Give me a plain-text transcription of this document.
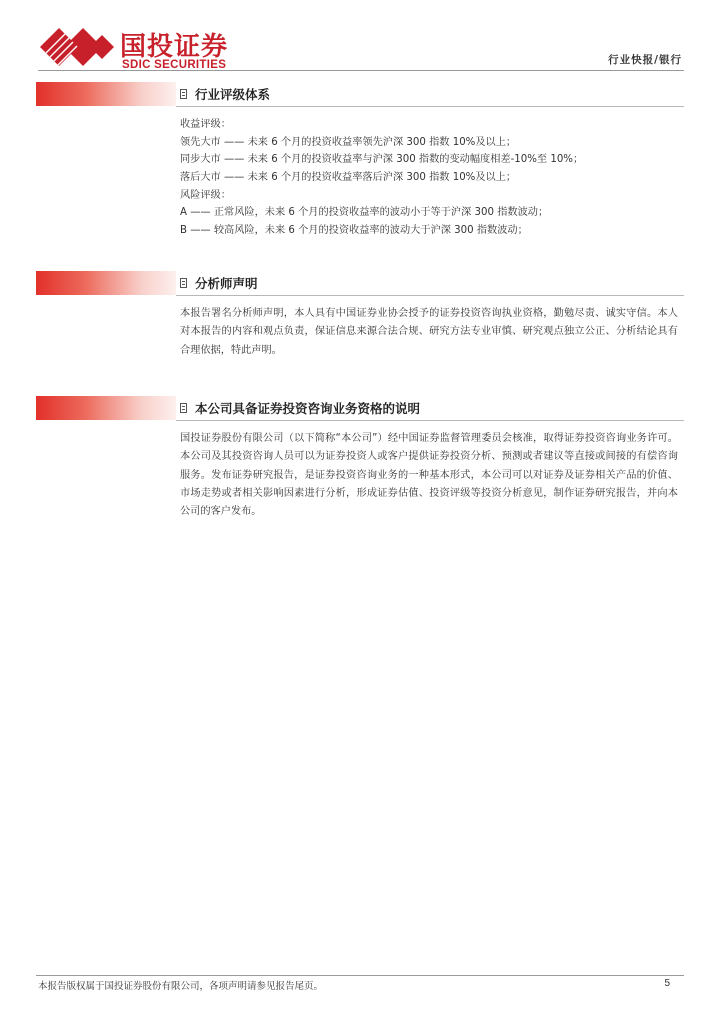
国投证券
SDIC SECURITIES	行业快报/银行
行业评级体系
收益评级：
领先大市 —— 未来 6 个月的投资收益率领先沪深 300 指数 10%及以上；
同步大市 —— 未来 6 个月的投资收益率与沪深 300 指数的变动幅度相差-10%至 10%；
落后大市 —— 未来 6 个月的投资收益率落后沪深 300 指数 10%及以上；
风险评级：
A —— 正常风险，未来 6 个月的投资收益率的波动小于等于沪深 300 指数波动；
B —— 较高风险，未来 6 个月的投资收益率的波动大于沪深 300 指数波动；
分析师声明
本报告署名分析师声明，本人具有中国证券业协会授予的证券投资咨询执业资格，勤勉尽责、诚实守信。本人对本报告的内容和观点负责，保证信息来源合法合规、研究方法专业审慎、研究观点独立公正、分析结论具有合理依据，特此声明。
本公司具备证券投资咨询业务资格的说明
国投证券股份有限公司（以下简称“本公司”）经中国证券监督管理委员会核准，取得证券投资咨询业务许可。本公司及其投资咨询人员可以为证券投资人或客户提供证券投资分析、预测或者建议等直接或间接的有偿咨询服务。发布证券研究报告，是证券投资咨询业务的一种基本形式，本公司可以对证券及证券相关产品的价值、市场走势或者相关影响因素进行分析，形成证券估值、投资评级等投资分析意见，制作证券研究报告，并向本公司的客户发布。
本报告版权属于国投证券股份有限公司，各项声明请参见报告尾页。	5
